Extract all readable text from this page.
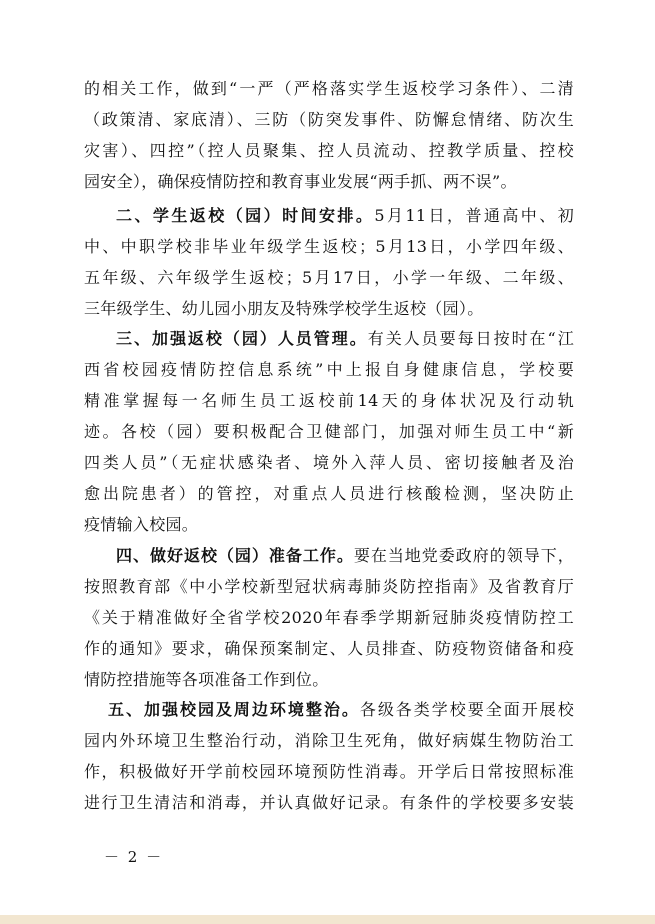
的相关工作，做到“一严（严格落实学生返校学习条件）、二清
（政策清、家底清）、三防（防突发事件、防懈怠情绪、防次生
灾害）、四控”（控人员聚集、控人员流动、控教学质量、控校
园安全），确保疫情防控和教育事业发展“两手抓、两不误”。
二、学生返校（园）时间安排。5月11日，普通高中、初
中、中职学校非毕业年级学生返校；5月13日，小学四年级、
五年级、六年级学生返校；5月17日，小学一年级、二年级、
三年级学生、幼儿园小朋友及特殊学校学生返校（园）。
三、加强返校（园）人员管理。有关人员要每日按时在“江
西省校园疫情防控信息系统”中上报自身健康信息，学校要
精准掌握每一名师生员工返校前14天的身体状况及行动轨
迹。各校（园）要积极配合卫健部门，加强对师生员工中“新
四类人员”（无症状感染者、境外入萍人员、密切接触者及治
愈出院患者）的管控，对重点人员进行核酸检测，坚决防止
疫情输入校园。
四、做好返校（园）准备工作。要在当地党委政府的领导下，
按照教育部《中小学校新型冠状病毒肺炎防控指南》及省教育厅
《关于精准做好全省学校2020年春季学期新冠肺炎疫情防控工
作的通知》要求，确保预案制定、人员排查、防疫物资储备和疫
情防控措施等各项准备工作到位。
五、加强校园及周边环境整治。各级各类学校要全面开展校
园内外环境卫生整治行动，消除卫生死角，做好病媒生物防治工
作，积极做好开学前校园环境预防性消毒。开学后日常按照标准
进行卫生清洁和消毒，并认真做好记录。有条件的学校要多安装
－ 2 －
